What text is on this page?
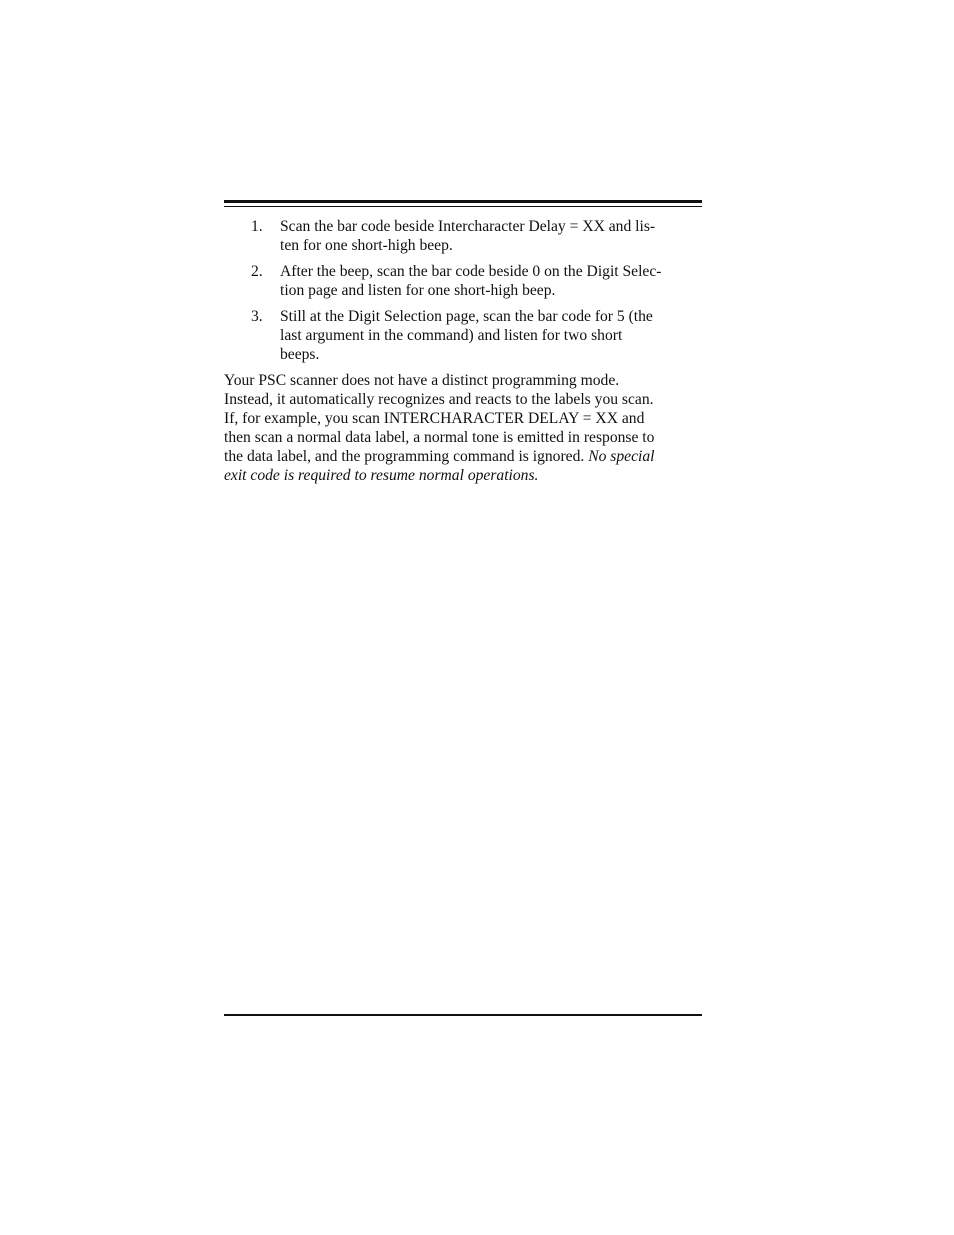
1. Scan the bar code beside Intercharacter Delay = XX and lis-
ten for one short-high beep.
2. After the beep, scan the bar code beside 0 on the Digit Selec-
tion page and listen for one short-high beep.
3. Still at the Digit Selection page, scan the bar code for 5 (the
last argument in the command) and listen for two short
beeps.
Your PSC scanner does not have a distinct programming mode.
Instead, it automatically recognizes and reacts to the labels you scan.
If, for example, you scan INTERCHARACTER DELAY = XX and
then scan a normal data label, a normal tone is emitted in response to
the data label, and the programming command is ignored. No special
exit code is required to resume normal operations.
